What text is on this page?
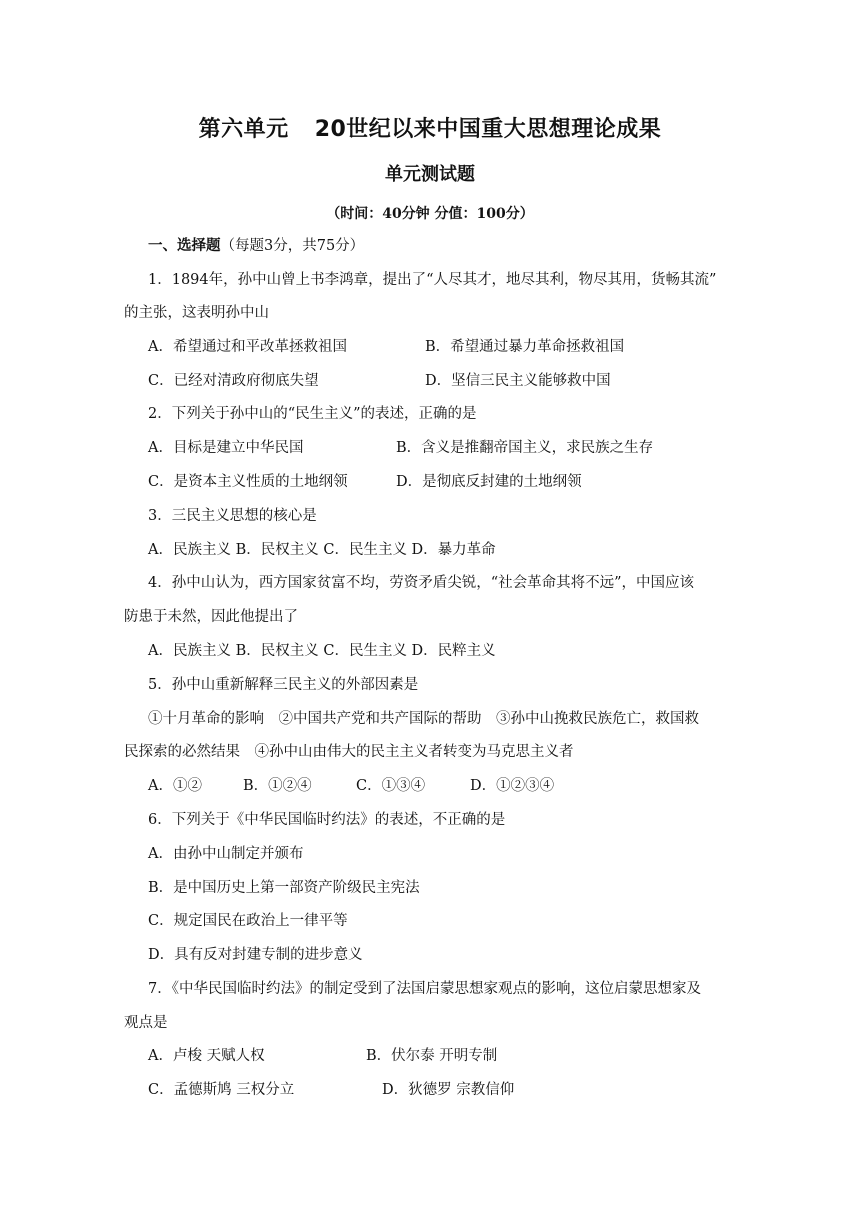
第六单元 20世纪以来中国重大思想理论成果
单元测试题
（时间：40分钟 分值：100分）
一、选择题（每题3分，共75分）
1．1894年，孙中山曾上书李鸿章，提出了“人尽其才，地尽其利，物尽其用，货畅其流”
的主张，这表明孙中山
A．希望通过和平改革拯救祖国	B．希望通过暴力革命拯救祖国
C．已经对清政府彻底失望	D．坚信三民主义能够救中国
2．下列关于孙中山的“民生主义”的表述，正确的是
A．目标是建立中华民国	B．含义是推翻帝国主义，求民族之生存
C．是资本主义性质的土地纲领	D．是彻底反封建的土地纲领
3．三民主义思想的核心是
A．民族主义 B．民权主义 C．民生主义 D．暴力革命
4．孙中山认为，西方国家贫富不均，劳资矛盾尖锐，“社会革命其将不远”，中国应该
防患于未然，因此他提出了
A．民族主义 B．民权主义 C．民生主义 D．民粹主义
5．孙中山重新解释三民主义的外部因素是
①十月革命的影响　②中国共产党和共产国际的帮助　③孙中山挽救民族危亡，救国救
民探索的必然结果　④孙中山由伟大的民主主义者转变为马克思主义者
A．①②	B．①②④	C．①③④	D．①②③④
6．下列关于《中华民国临时约法》的表述，不正确的是
A．由孙中山制定并颁布
B．是中国历史上第一部资产阶级民主宪法
C．规定国民在政治上一律平等
D．具有反对封建专制的进步意义
7．《中华民国临时约法》的制定受到了法国启蒙思想家观点的影响，这位启蒙思想家及
观点是
A．卢梭 天赋人权	B．伏尔泰 开明专制
C．孟德斯鸠 三权分立	D．狄德罗 宗教信仰
